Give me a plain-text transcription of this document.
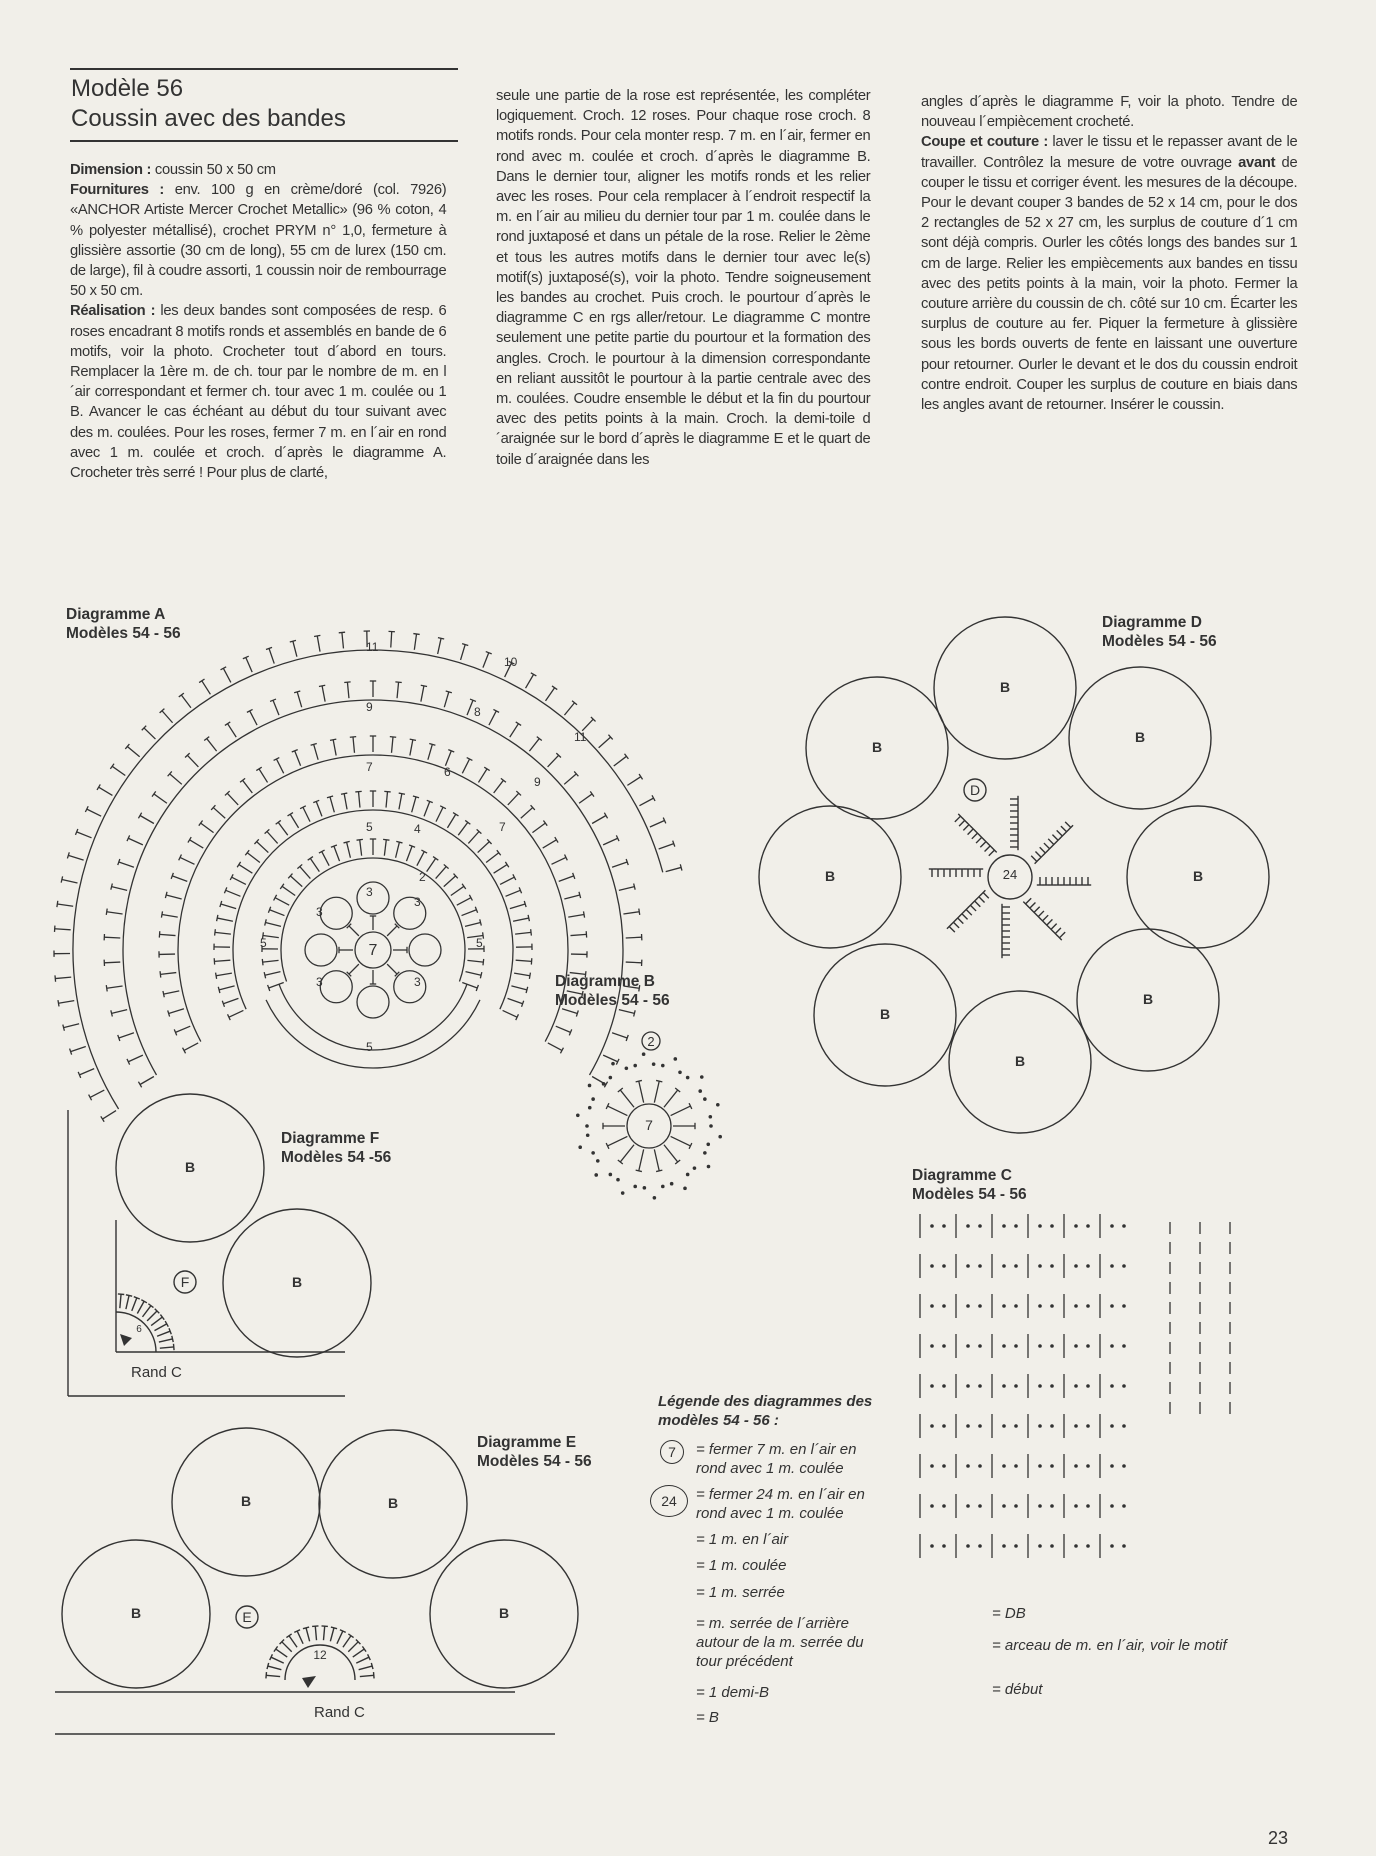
Modèle 56
Coussin avec des bandes

Dimension : coussin 50 x 50 cm

Fournitures : env. 100 g en crème/doré (col. 7926) «ANCHOR Artiste Mercer Crochet Metallic» (96 % coton, 4 % polyester métallisé), crochet PRYM n° 1,0, fermeture à glissière assortie (30 cm de long), 55 cm de lurex (150 cm. de large), fil à coudre assorti, 1 coussin noir de rembourrage 50 x 50 cm.

Réalisation : les deux bandes sont composées de resp. 6 roses encadrant 8 motifs ronds et assemblés en bande de 6 motifs, voir la photo. Crocheter tout d´abord en tours. Remplacer la 1ère m. de ch. tour par le nombre de m. en l´air correspondant et fermer ch. tour avec 1 m. coulée ou 1 B. Avancer le cas échéant au début du tour suivant avec des m. coulées. Pour les roses, fermer 7 m. en l´air en rond avec 1 m. coulée et croch. d´après le diagramme A. Crocheter très serré ! Pour plus de clarté,

seule une partie de la rose est représentée, les compléter logiquement. Croch. 12 roses. Pour chaque rose croch. 8 motifs ronds. Pour cela monter resp. 7 m. en l´air, fermer en rond avec m. coulée et croch. d´après le diagramme B. Dans le dernier tour, aligner les motifs ronds et les relier avec les roses. Pour cela remplacer à l´endroit respectif la m. en l´air au milieu du dernier tour par 1 m. coulée dans le rond juxtaposé et dans un pétale de la rose. Relier le 2ème et tous les autres motifs dans le dernier tour avec le(s) motif(s) juxtaposé(s), voir la photo. Tendre soigneusement les bandes au crochet. Puis croch. le pourtour d´après le diagramme C en rgs aller/retour. Le diagramme C montre seulement une petite partie du pourtour et la formation des angles. Croch. le pourtour à la dimension correspondante en reliant aussitôt le pourtour à la partie centrale avec des m. coulées. Coudre ensemble le début et la fin du pourtour avec des petits points à la main. Croch. la demi-toile d´araignée sur le bord d´après le diagramme E et le quart de toile d´araignée dans les

angles d´après le diagramme F, voir la photo. Tendre de nouveau l´empiècement crocheté.

Coupe et couture : laver le tissu et le repasser avant de le travailler. Contrôlez la mesure de votre ouvrage avant de couper le tissu et corriger évent. les mesures de la découpe. Pour le devant couper 3 bandes de 52 x 14 cm, pour le dos 2 rectangles de 52 x 27 cm, les surplus de couture d´1 cm sont déjà compris. Ourler les côtés longs des bandes sur 1 cm de large. Relier les empiècements aux bandes en tissu avec des petits points à la main, voir la photo. Fermer la couture arrière du coussin de ch. côté sur 10 cm. Écarter les surplus de couture au fer. Piquer la fermeture à glissière sous les bords ouverts de fente en laissant une ouverture pour retourner. Ourler le devant et le dos du coussin endroit contre endroit. Couper les surplus de couture en biais dans les angles avant de retourner. Insérer le coussin.

Diagramme A
Modèles 54 - 56
Diagramme D
Modèles 54 - 56
Diagramme B
Modèles 54 - 56
Diagramme F
Modèles 54 -56
Diagramme C
Modèles 54 - 56
Diagramme E
Modèles 54 - 56
7
7
2
24
D
F
6
E
12
B
B
B
B
B
B
B
B
B
B
B
B	B
B
11
9
7
5
3
10
8
6
4
2
11
9
7
5	5
5
3
3
3	3
Rand C
Rand C
Légende des diagrammes des modèles 54 - 56 :
= fermer 7 m. en l´air en rond avec 1 m. coulée
7
= fermer 24 m. en l´air en rond avec 1 m. coulée
24
= 1 m. en l´air
= 1 m. coulée
= 1 m. serrée
= m. serrée de l´arrière autour de la m. serrée du tour précédent
= 1 demi-B
= B
= DB
= arceau de m. en l´air, voir le motif
= début
23
